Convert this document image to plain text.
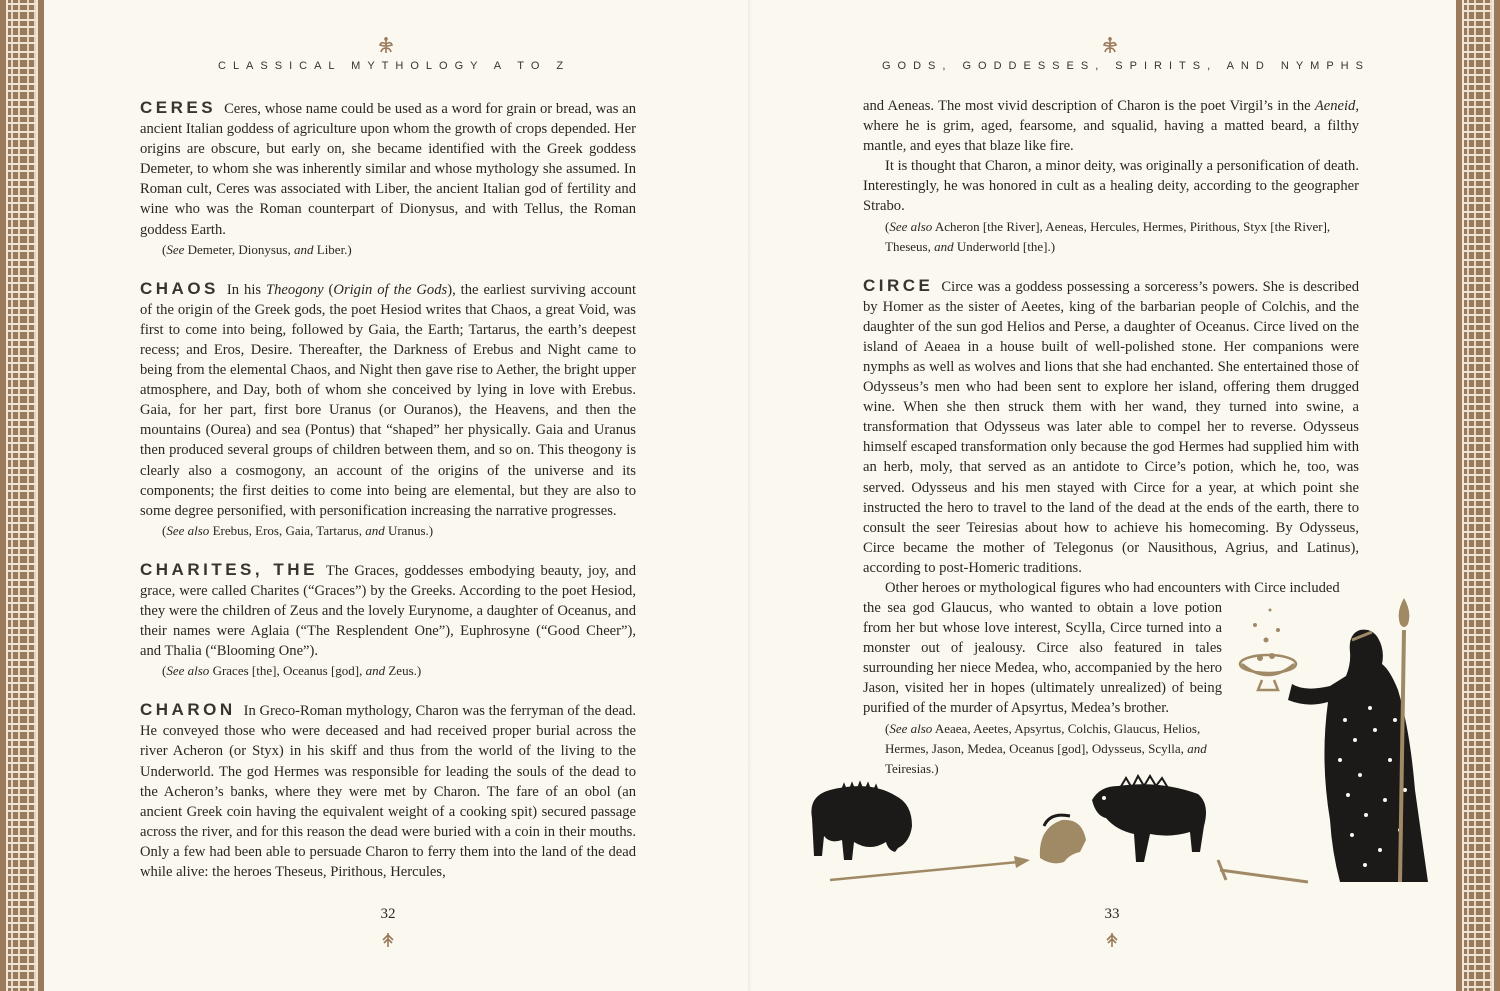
CLASSICAL MYTHOLOGY A TO Z

CERES Ceres, whose name could be used as a word for grain or bread, was an ancient Italian goddess of agriculture upon whom the growth of crops depended. Her origins are obscure, but early on, she became identified with the Greek goddess Demeter, to whom she was inherently similar and whose mythology she assumed. In Roman cult, Ceres was associated with Liber, the ancient Italian god of fertility and wine who was the Roman counterpart of Dionysus, and with Tellus, the Roman goddess Earth.

(See Demeter, Dionysus, and Liber.)

CHAOS In his Theogony (Origin of the Gods), the earliest surviving account of the origin of the Greek gods, the poet Hesiod writes that Chaos, a great Void, was first to come into being, followed by Gaia, the Earth; Tartarus, the earth’s deepest recess; and Eros, Desire. Thereafter, the Darkness of Erebus and Night came to being from the elemental Chaos, and Night then gave rise to Aether, the bright upper atmosphere, and Day, both of whom she conceived by lying in love with Erebus. Gaia, for her part, first bore Uranus (or Ouranos), the Heavens, and then the mountains (Ourea) and sea (Pontus) that “shaped” her physically. Gaia and Uranus then produced several groups of children between them, and so on. This theogony is clearly also a cosmogony, an account of the origins of the universe and its components; the first deities to come into being are elemental, but they are also to some degree personified, with personification increasing the narrative progresses.

(See also Erebus, Eros, Gaia, Tartarus, and Uranus.)

CHARITES, THE The Graces, goddesses embodying beauty, joy, and grace, were called Charites (“Graces”) by the Greeks. According to the poet Hesiod, they were the children of Zeus and the lovely Eurynome, a daughter of Oceanus, and their names were Aglaia (“The Resplendent One”), Euphrosyne (“Good Cheer”), and Thalia (“Blooming One”).

(See also Graces [the], Oceanus [god], and Zeus.)

CHARON In Greco-Roman mythology, Charon was the ferryman of the dead. He conveyed those who were deceased and had received proper burial across the river Acheron (or Styx) in his skiff and thus from the world of the living to the Underworld. The god Hermes was responsible for leading the souls of the dead to the Acheron’s banks, where they were met by Charon. The fare of an obol (an ancient Greek coin having the equivalent weight of a cooking spit) secured passage across the river, and for this reason the dead were buried with a coin in their mouths. Only a few had been able to persuade Charon to ferry them into the land of the dead while alive: the heroes Theseus, Pirithous, Hercules,

32
GODS, GODDESSES, SPIRITS, AND NYMPHS

and Aeneas. The most vivid description of Charon is the poet Virgil’s in the Aeneid, where he is grim, aged, fearsome, and squalid, having a matted beard, a filthy mantle, and eyes that blaze like fire.

It is thought that Charon, a minor deity, was originally a personification of death. Interestingly, he was honored in cult as a healing deity, according to the geographer Strabo.

(See also Acheron [the River], Aeneas, Hercules, Hermes, Pirithous, Styx [the River], Theseus, and Underworld [the].)

CIRCE Circe was a goddess possessing a sorceress’s powers. She is described by Homer as the sister of Aeetes, king of the barbarian people of Colchis, and the daughter of the sun god Helios and Perse, a daughter of Oceanus. Circe lived on the island of Aeaea in a house built of well-polished stone. Her companions were nymphs as well as wolves and lions that she had enchanted. She entertained those of Odysseus’s men who had been sent to explore her island, offering them drugged wine. When she then struck them with her wand, they turned into swine, a transformation that Odysseus was later able to compel her to reverse. Odysseus himself escaped transformation only because the god Hermes had supplied him with an herb, moly, that served as an antidote to Circe’s potion, which he, too, was served. Odysseus and his men stayed with Circe for a year, at which point she instructed the hero to travel to the land of the dead at the ends of the earth, there to consult the seer Teiresias about how to achieve his homecoming. By Odysseus, Circe became the mother of Telegonus (or Nausithous, Agrius, and Latinus), according to post-Homeric traditions.

Other heroes or mythological figures who had encounters with Circe included

the sea god Glaucus, who wanted to obtain a love potion from her but whose love interest, Scylla, Circe turned into a monster out of jealousy. Circe also featured in tales surrounding her niece Medea, who, accompanied by the hero Jason, visited her in hopes (ultimately unrealized) of being purified of the murder of Apsyrtus, Medea’s brother.

(See also Aeaea, Aeetes, Apsyrtus, Colchis, Glaucus, Helios, Hermes, Jason, Medea, Oceanus [god], Odysseus, Scylla, and Teiresias.)

33
